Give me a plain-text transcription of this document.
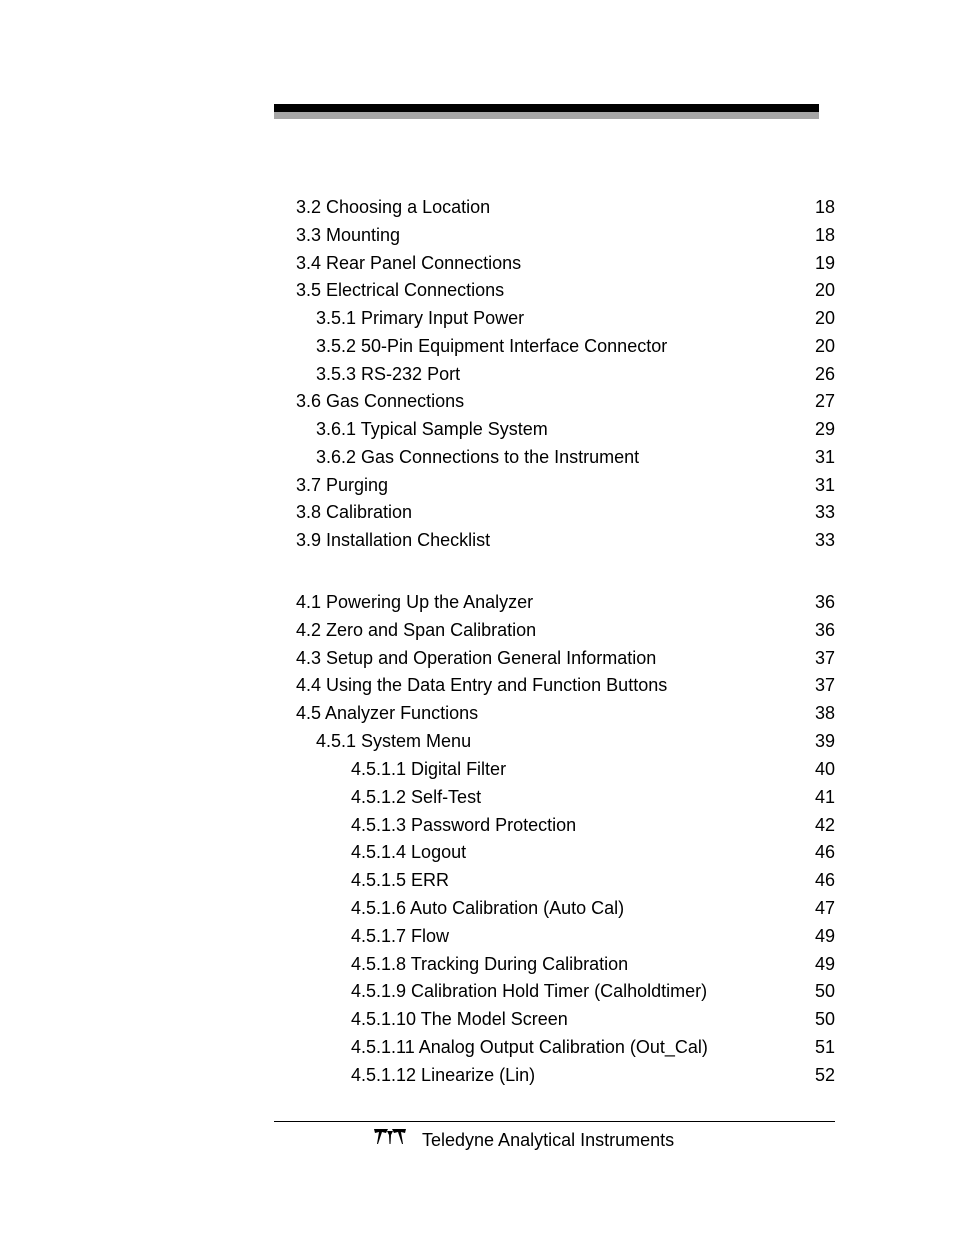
3.2 Choosing a Location	18
3.3 Mounting	18
3.4 Rear Panel Connections	19
3.5 Electrical Connections	20
3.5.1 Primary Input Power	20
3.5.2 50-Pin Equipment Interface Connector	20
3.5.3 RS-232 Port	26
3.6 Gas Connections	27
3.6.1 Typical Sample System	29
3.6.2 Gas Connections to the Instrument	31
3.7 Purging	31
3.8 Calibration	33
3.9 Installation Checklist	33
4.1 Powering Up the Analyzer	36
4.2 Zero and Span Calibration	36
4.3 Setup and Operation General Information	37
4.4 Using the Data Entry and Function Buttons	37
4.5 Analyzer Functions	38
4.5.1 System Menu	39
4.5.1.1 Digital Filter	40
4.5.1.2 Self-Test	41
4.5.1.3 Password Protection	42
4.5.1.4 Logout	46
4.5.1.5 ERR	46
4.5.1.6 Auto Calibration (Auto Cal)	47
4.5.1.7 Flow	49
4.5.1.8 Tracking During Calibration	49
4.5.1.9 Calibration Hold Timer (Calholdtimer)	50
4.5.1.10 The Model Screen	50
4.5.1.11 Analog Output Calibration (Out_Cal)	51
4.5.1.12 Linearize (Lin)	52
Teledyne Analytical Instruments
